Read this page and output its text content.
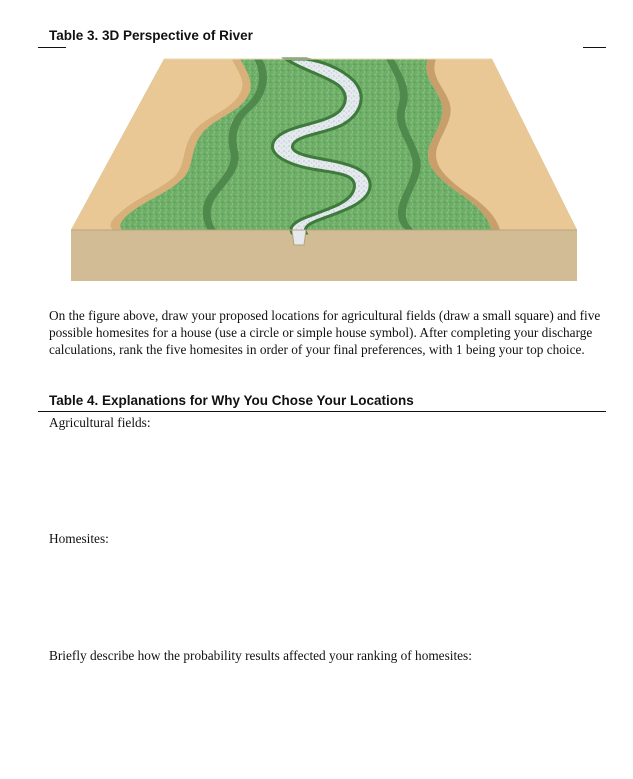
Table 3. 3D Perspective of River
On the figure above, draw your proposed locations for agricultural fields (draw a small square) and five possible homesites for a house (use a circle or simple house symbol). After completing your discharge calculations, rank the five homesites in order of your final preferences, with 1 being your top choice.
Table 4. Explanations for Why You Chose Your Locations
Agricultural fields:
Homesites:
Briefly describe how the probability results affected your ranking of homesites:
